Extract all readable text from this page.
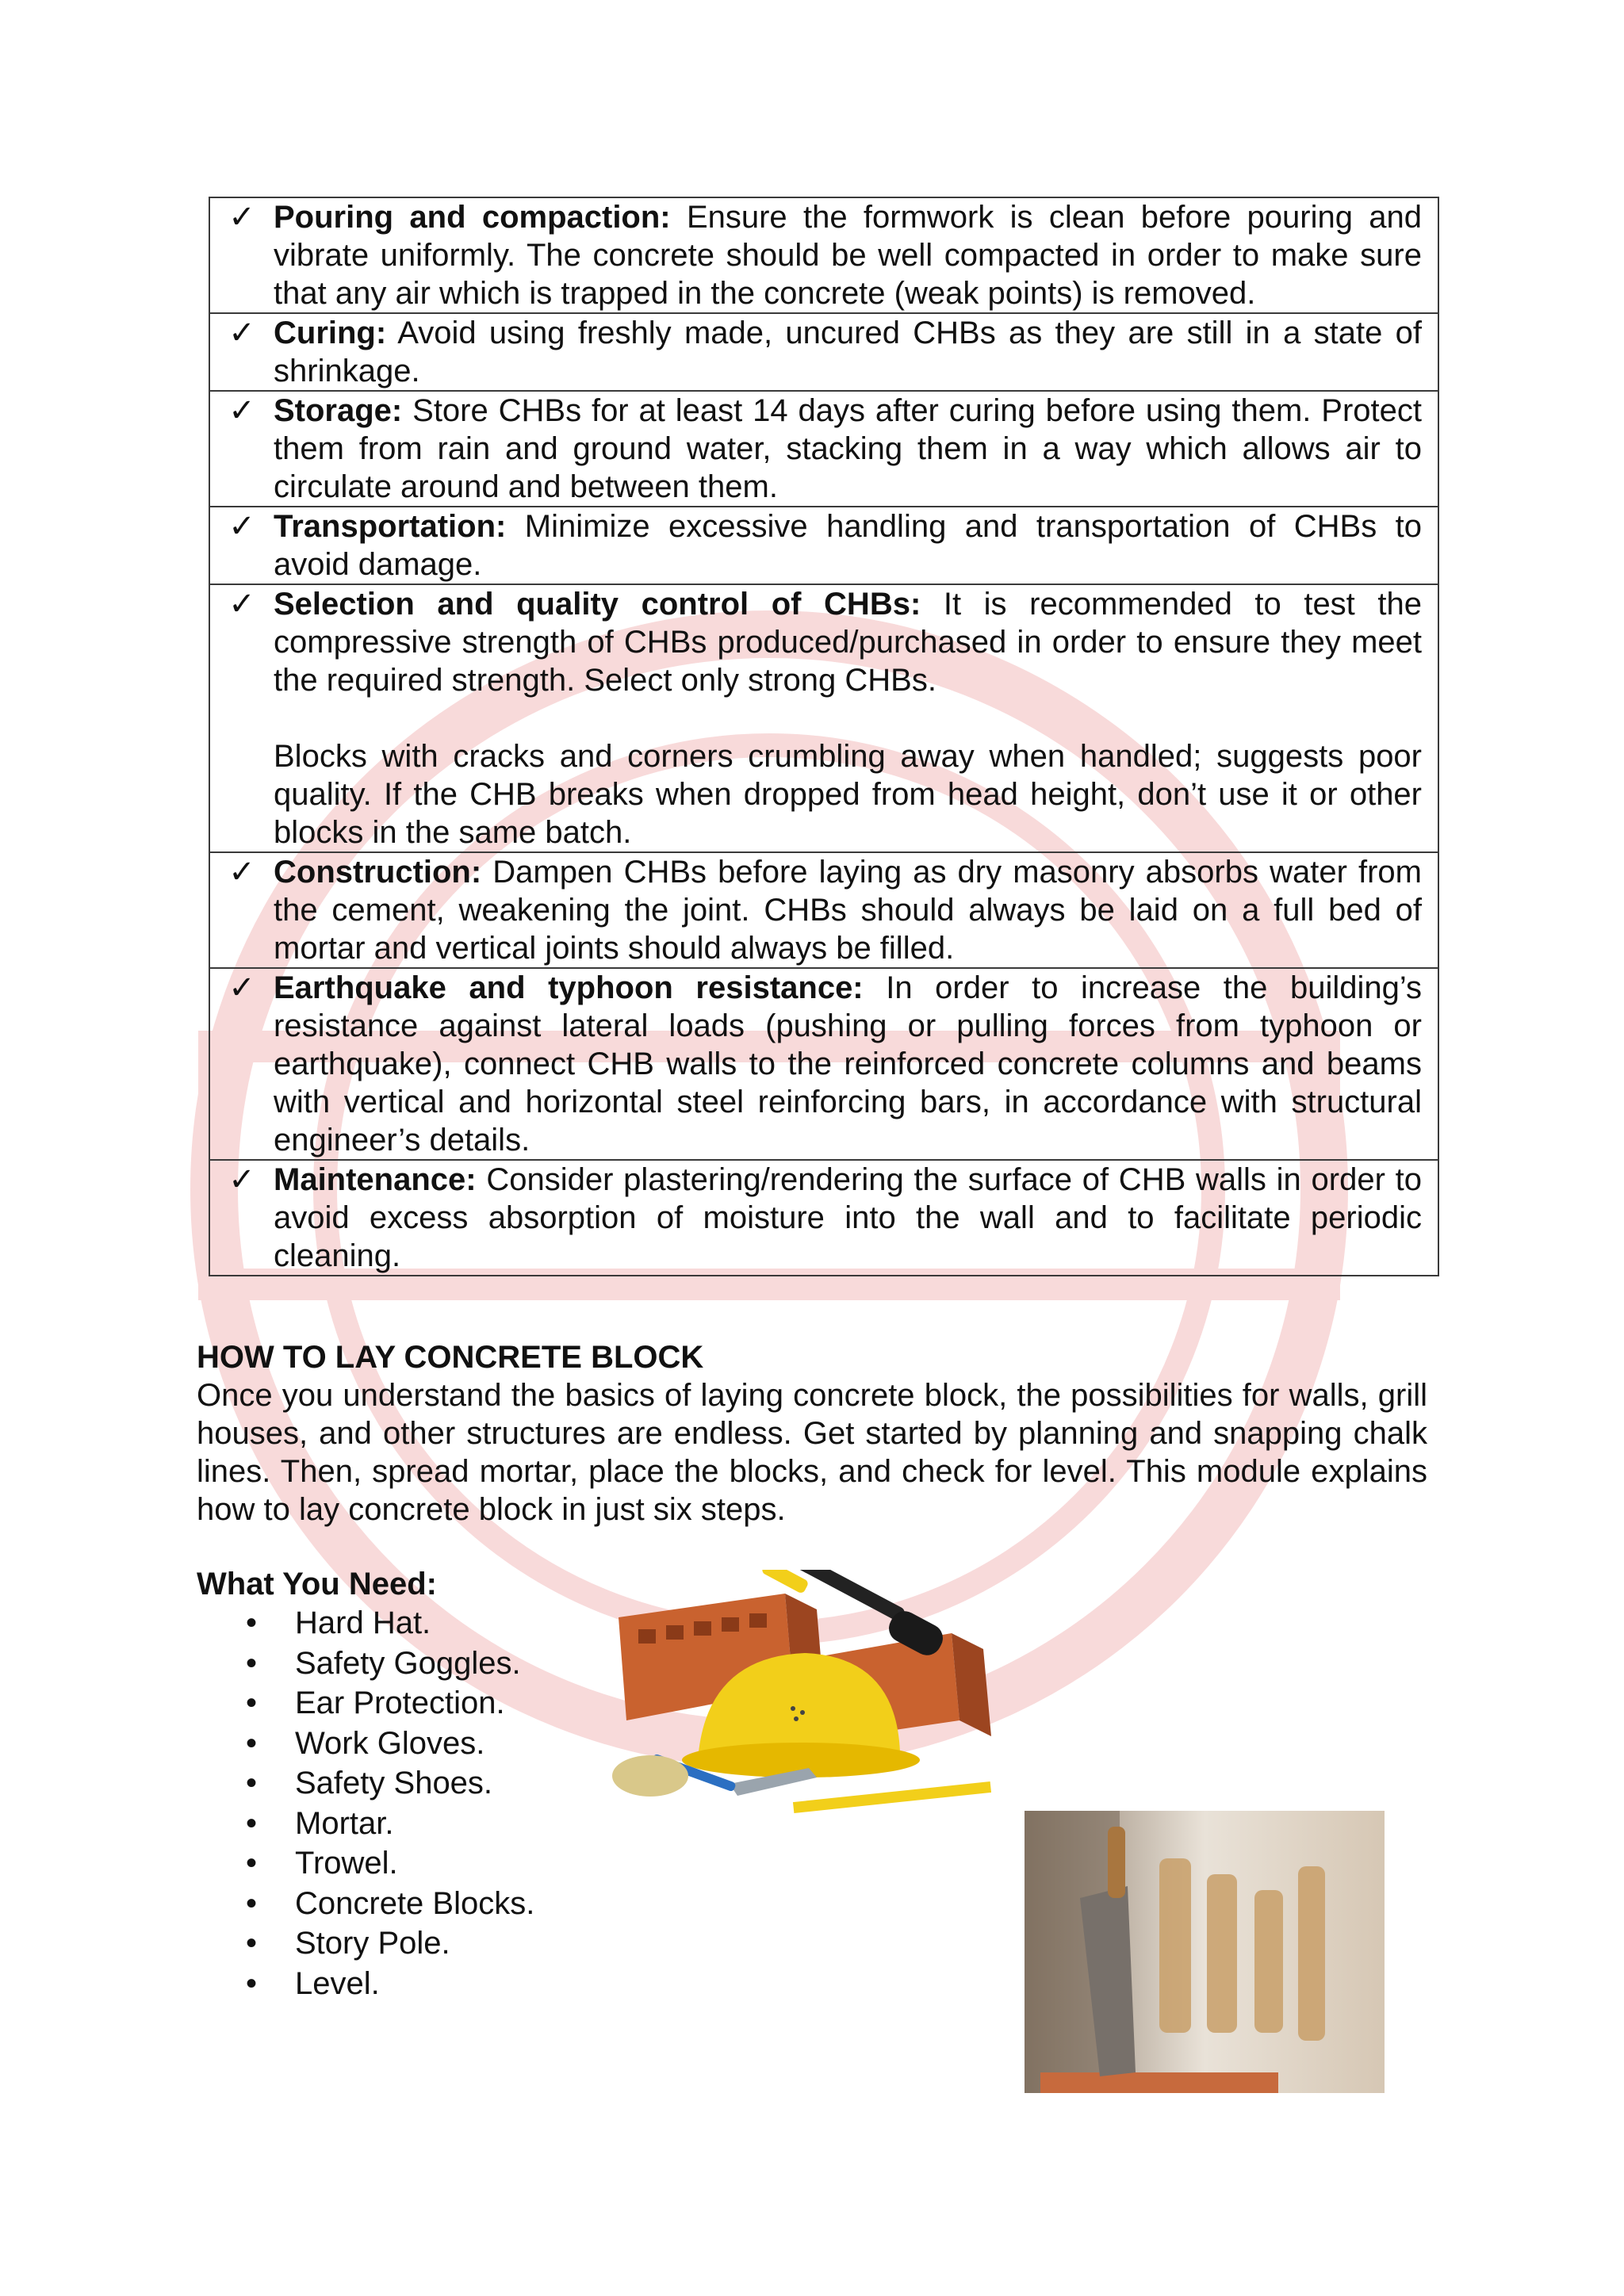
✓	Pouring and compaction: Ensure the formwork is clean before pouring and vibrate uniformly. The concrete should be well compacted in order to make sure that any air which is trapped in the concrete (weak points) is removed.
✓	Curing: Avoid using freshly made, uncured CHBs as they are still in a state of shrinkage.
✓	Storage: Store CHBs for at least 14 days after curing before using them. Protect them from rain and ground water, stacking them in a way which allows air to circulate around and between them.
✓	Transportation: Minimize excessive handling and transportation of CHBs to avoid damage.
✓	Selection and quality control of CHBs: It is recommended to test the compressive strength of CHBs produced/purchased in order to ensure they meet the required strength. Select only strong CHBs.
Blocks with cracks and corners crumbling away when handled; suggests poor quality. If the CHB breaks when dropped from head height, don’t use it or other blocks in the same batch.

✓	Construction: Dampen CHBs before laying as dry masonry absorbs water from the cement, weakening the joint. CHBs should always be laid on a full bed of mortar and vertical joints should always be filled.
✓	Earthquake and typhoon resistance: In order to increase the building’s resistance against lateral loads (pushing or pulling forces from typhoon or earthquake), connect CHB walls to the reinforced concrete columns and beams with vertical and horizontal steel reinforcing bars, in accordance with structural engineer’s details.
✓	Maintenance: Consider plastering/rendering the surface of CHB walls in order to avoid excess absorption of moisture into the wall and to facilitate periodic cleaning.
HOW TO LAY CONCRETE BLOCK

Once you understand the basics of laying concrete block, the possibilities for walls, grill houses, and other structures are endless. Get started by planning and snapping chalk lines. Then, spread mortar, place the blocks, and check for level. This module explains how to lay concrete block in just six steps.

What You Need:
• Hard Hat.
• Safety Goggles.
• Ear Protection.
• Work Gloves.
• Safety Shoes.
• Mortar.
• Trowel.
• Concrete Blocks.
• Story Pole.
• Level.
